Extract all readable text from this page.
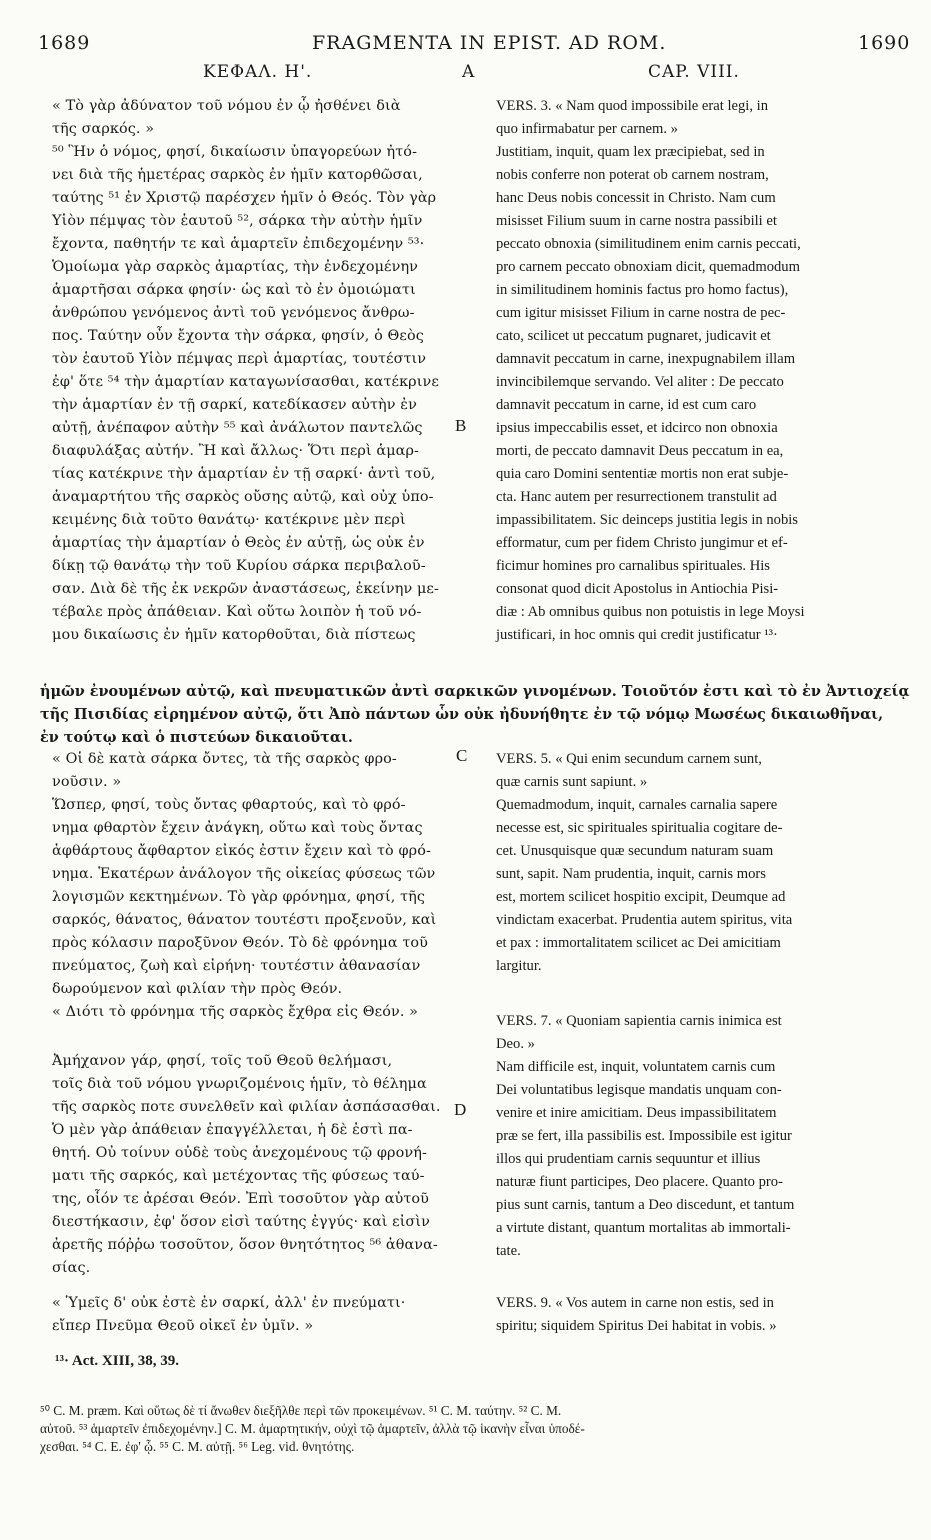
1689	FRAGMENTA IN EPIST. AD ROM.	1690
ΚΕΦΑΛ. Η'.	A	CAP. VIII.

« Τὸ γὰρ ἀδύνατον τοῦ νόμου ἐν ᾧ ἠσθένει διὰ

τῆς σαρκός. »

⁵⁰ Ἣν ὁ νόμος, φησί, δικαίωσιν ὑπαγορεύων ἠτό-

νει διὰ τῆς ἡμετέρας σαρκὸς ἐν ἡμῖν κατορθῶσαι,

ταύτης ⁵¹ ἐν Χριστῷ παρέσχεν ἡμῖν ὁ Θεός. Τὸν γὰρ

Υἱὸν πέμψας τὸν ἑαυτοῦ ⁵², σάρκα τὴν αὐτὴν ἡμῖν

ἔχοντα, παθητήν τε καὶ ἁμαρτεῖν ἐπιδεχομένην ⁵³·

Ὁμοίωμα γὰρ σαρκὸς ἁμαρτίας, τὴν ἐνδεχομένην

ἁμαρτῆσαι σάρκα φησίν· ὡς καὶ τὸ ἐν ὁμοιώματι

ἀνθρώπου γενόμενος ἀντὶ τοῦ γενόμενος ἄνθρω-

πος. Ταύτην οὖν ἔχοντα τὴν σάρκα, φησίν, ὁ Θεὸς

τὸν ἑαυτοῦ Υἱὸν πέμψας περὶ ἁμαρτίας, τουτέστιν

ἐφ' ὅτε ⁵⁴ τὴν ἁμαρτίαν καταγωνίσασθαι, κατέκρινε

τὴν ἁμαρτίαν ἐν τῇ σαρκί, κατεδίκασεν αὐτὴν ἐν

αὐτῇ, ἀνέπαφον αὐτὴν ⁵⁵ καὶ ἀνάλωτον παντελῶς

διαφυλάξας αὐτήν. Ἢ καὶ ἄλλως· Ὅτι περὶ ἁμαρ-

τίας κατέκρινε τὴν ἁμαρτίαν ἐν τῇ σαρκί· ἀντὶ τοῦ,

ἀναμαρτήτου τῆς σαρκὸς οὔσης αὐτῷ, καὶ οὐχ ὑπο-

κειμένης διὰ τοῦτο θανάτῳ· κατέκρινε μὲν περὶ

ἁμαρτίας τὴν ἁμαρτίαν ὁ Θεὸς ἐν αὐτῇ, ὡς οὐκ ἐν

δίκῃ τῷ θανάτῳ τὴν τοῦ Κυρίου σάρκα περιβαλοῦ-

σαν. Διὰ δὲ τῆς ἐκ νεκρῶν ἀναστάσεως, ἐκείνην με-

τέβαλε πρὸς ἀπάθειαν. Καὶ οὕτω λοιπὸν ἡ τοῦ νό-

μου δικαίωσις ἐν ἡμῖν κατορθοῦται, διὰ πίστεως

VERS. 3. « Nam quod impossibile erat legi, in

quo infirmabatur per carnem. »

Justitiam, inquit, quam lex præcipiebat, sed in

nobis conferre non poterat ob carnem nostram,

hanc Deus nobis concessit in Christo. Nam cum

misisset Filium suum in carne nostra passibili et

peccato obnoxia (similitudinem enim carnis peccati,

pro carnem peccato obnoxiam dicit, quemadmodum

in similitudinem hominis factus pro homo factus),

cum igitur misisset Filium in carne nostra de pec-

cato, scilicet ut peccatum pugnaret, judicavit et

damnavit peccatum in carne, inexpugnabilem illam

invincibilemque servando. Vel aliter : De peccato

damnavit peccatum in carne, id est cum caro

ipsius impeccabilis esset, et idcirco non obnoxia

morti, de peccato damnavit Deus peccatum in ea,

quia caro Domini sententiæ mortis non erat subje-

cta. Hanc autem per resurrectionem transtulit ad

impassibilitatem. Sic deinceps justitia legis in nobis

efformatur, cum per fidem Christo jungimur et ef-

ficimur homines pro carnalibus spirituales. His

consonat quod dicit Apostolus in Antiochia Pisi-

diæ : Ab omnibus quibus non potuistis in lege Moysi

justificari, in hoc omnis qui credit justificatur ¹³·

B

ἡμῶν ἐνουμένων αὐτῷ, καὶ πνευματικῶν ἀντὶ σαρκικῶν γινομένων. Τοιοῦτόν ἐστι καὶ τὸ ἐν Ἀντιοχείᾳ

τῆς Πισιδίας εἰρημένον αὐτῷ, ὅτι Ἀπὸ πάντων ὧν οὐκ ἠδυνήθητε ἐν τῷ νόμῳ Μωσέως δικαιωθῆναι,

ἐν τούτῳ καὶ ὁ πιστεύων δικαιοῦται.

« Οἱ δὲ κατὰ σάρκα ὄντες, τὰ τῆς σαρκὸς φρο-

νοῦσιν. »

Ὥσπερ, φησί, τοὺς ὄντας φθαρτούς, καὶ τὸ φρό-

νημα φθαρτὸν ἔχειν ἀνάγκη, οὕτω καὶ τοὺς ὄντας

ἀφθάρτους ἄφθαρτον εἰκός ἐστιν ἔχειν καὶ τὸ φρό-

νημα. Ἑκατέρων ἀνάλογον τῆς οἰκείας φύσεως τῶν

λογισμῶν κεκτημένων. Τὸ γὰρ φρόνημα, φησί, τῆς

σαρκός, θάνατος, θάνατον τουτέστι προξενοῦν, καὶ

πρὸς κόλασιν παροξῦνον Θεόν. Τὸ δὲ φρόνημα τοῦ

πνεύματος, ζωὴ καὶ εἰρήνη· τουτέστιν ἀθανασίαν

δωρούμενον καὶ φιλίαν τὴν πρὸς Θεόν.

« Διότι τὸ φρόνημα τῆς σαρκὸς ἔχθρα εἰς Θεόν. »

C VERS. 5. « Qui enim secundum carnem sunt,

quæ carnis sunt sapiunt. »

Quemadmodum, inquit, carnales carnalia sapere

necesse est, sic spirituales spiritualia cogitare de-

cet. Unusquisque quæ secundum naturam suam

sunt, sapit. Nam prudentia, inquit, carnis mors

est, mortem scilicet hospitio excipit, Deumque ad

vindictam exacerbat. Prudentia autem spiritus, vita

et pax : immortalitatem scilicet ac Dei amicitiam

largitur.

VERS. 7. « Quoniam sapientia carnis inimica est

Deo. »

Nam difficile est, inquit, voluntatem carnis cum

Dei voluntatibus legisque mandatis unquam con-

venire et inire amicitiam. Deus impassibilitatem

præ se fert, illa passibilis est. Impossibile est igitur

illos qui prudentiam carnis sequuntur et illius

naturæ fiunt participes, Deo placere. Quanto pro-

pius sunt carnis, tantum a Deo discedunt, et tantum

a virtute distant, quantum mortalitas ab immortali-

tate.

Ἀμήχανον γάρ, φησί, τοῖς τοῦ Θεοῦ θελήμασι,

τοῖς διὰ τοῦ νόμου γνωριζομένοις ἡμῖν, τὸ θέλημα

τῆς σαρκὸς ποτε συνελθεῖν καὶ φιλίαν ἀσπάσασθαι.

Ὁ μὲν γὰρ ἀπάθειαν ἐπαγγέλλεται, ἡ δὲ ἐστὶ πα-

θητή. Οὐ τοίνυν οὐδὲ τοὺς ἀνεχομένους τῷ φρονή-

ματι τῆς σαρκός, καὶ μετέχοντας τῆς φύσεως ταύ-

της, οἷόν τε ἀρέσαι Θεόν. Ἐπὶ τοσοῦτον γὰρ αὐτοῦ

διεστήκασιν, ἐφ' ὅσον εἰσὶ ταύτης ἐγγύς· καὶ εἰσὶν

ἀρετῆς πόῤῥω τοσοῦτον, ὅσον θνητότητος ⁵⁶ ἀθανα-

σίας.

D

« Ὑμεῖς δ' οὐκ ἐστὲ ἐν σαρκί, ἀλλ' ἐν πνεύματι·

εἴπερ Πνεῦμα Θεοῦ οἰκεῖ ἐν ὑμῖν. »

VERS. 9. « Vos autem in carne non estis, sed in

spiritu; siquidem Spiritus Dei habitat in vobis. »

¹³· Act. XIII, 38, 39.

⁵⁰ C. M. præm. Καὶ οὕτως δὲ τί ἄνωθεν διεξῆλθε περὶ τῶν προκειμένων. ⁵¹ C. M. ταύτην. ⁵² C. M.

αὐτοῦ. ⁵³ ἁμαρτεῖν ἐπιδεχομένην.] C. M. ἁμαρτητικήν, οὐχὶ τῷ ἁμαρτεῖν, ἀλλὰ τῷ ἱκανὴν εἶναι ὑποδέ-

χεσθαι. ⁵⁴ C. E. ἐφ' ᾧ. ⁵⁵ C. M. αὐτῇ. ⁵⁶ Leg. vid. θνητότης.
